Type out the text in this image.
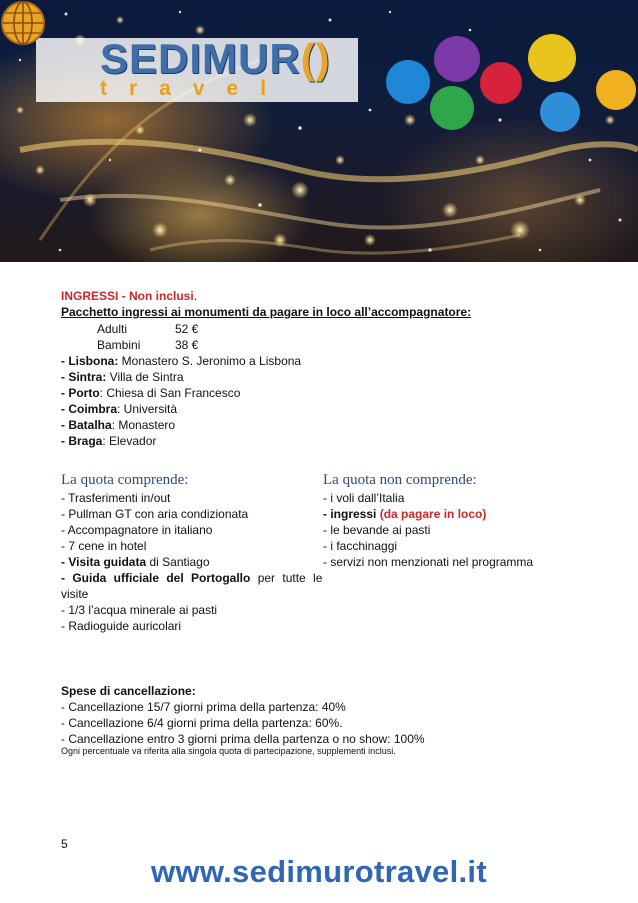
SEDIMUR()
travel
INGRESSI - Non inclusi.
Pacchetto ingressi ai monumenti da pagare in loco all’accompagnatore:
Adulti	52 €
Bambini	38 €
- Lisbona: Monastero S. Jeronimo a Lisbona
- Sintra: Villa de Sintra
- Porto: Chiesa di San Francesco
- Coimbra: Università
- Batalha: Monastero
- Braga: Elevador
La quota comprende:
- Trasferimenti in/out
- Pullman GT con aria condizionata
- Accompagnatore in italiano
- 7 cene in hotel
- Visita guidata di Santiago
- Guida ufficiale del Portogallo per tutte le
visite
- 1/3 l’acqua minerale ai pasti
- Radioguide auricolari
La quota non comprende:
- i voli dall’Italia
- ingressi (da pagare in loco)
- le bevande ai pasti
- i facchinaggi
- servizi non menzionati nel programma
Spese di cancellazione:
- Cancellazione 15/7 giorni prima della partenza: 40%
- Cancellazione 6/4 giorni prima della partenza: 60%.
- Cancellazione entro 3 giorni prima della partenza o no show: 100%
Ogni percentuale va riferita alla singola quota di partecipazione, supplementi inclusi.
5
www.sedimurotravel.it
